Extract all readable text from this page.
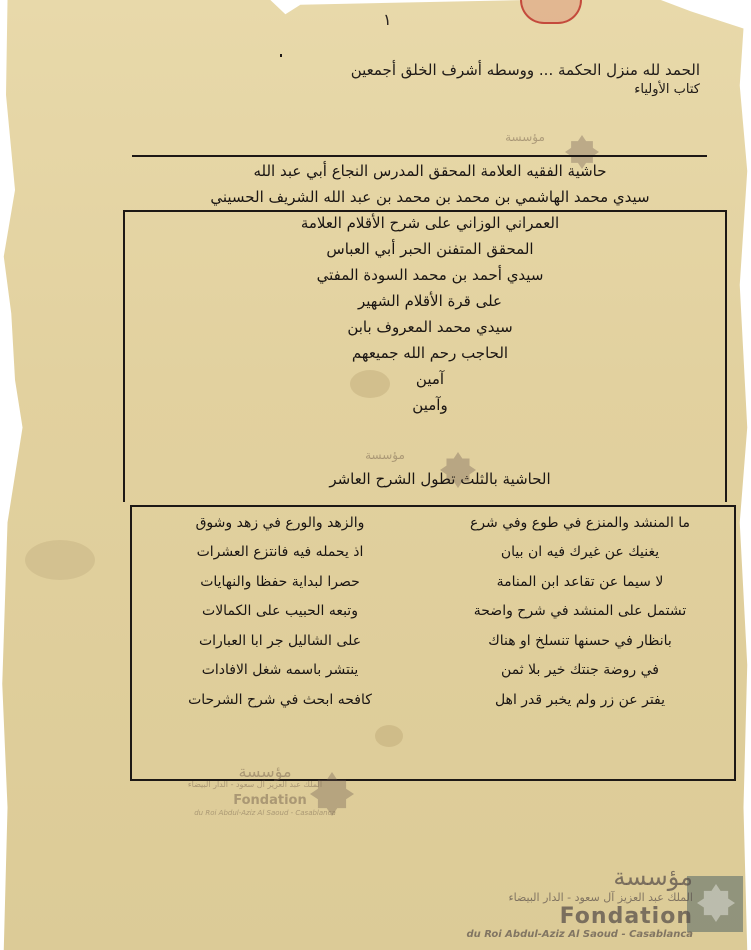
١
الحمد لله منزل الحكمة ... ووسطه أشرف الخلق أجمعين
كتاب الأولياء
مؤسسة
حاشية الفقيه العلامة المحقق المدرس النجاع أبي عبد الله
سيدي محمد الهاشمي بن محمد بن محمد بن عبد الله الشريف الحسيني
العمراني الوزاني على شرح الأقلام العلامة
المحقق المتفنن الحبر أبي العباس
سيدي أحمد بن محمد السودة المفتي
على قرة الأقلام الشهير
سيدي محمد المعروف بابن
الحاجب رحم الله جميعهم
آمين
وآمين
مؤسسة
الحاشية بالثلث تطول الشرح العاشر
ما المنشد والمنزع في طوع وفي شرع
والزهد والورع في زهد وشوق
يغنيك عن غيرك فيه ان بيان
اذ يحمله فيه فانتزع العشرات
لا سيما عن تقاعد ابن المنامة
حصرا لبداية حفظا والنهايات
تشتمل على المنشد في شرح واضحة
وتبعه الحبيب على الكمالات
بانظار في حسنها تنسلخ او هناك
على الشاليل جر ابا العبارات
في روضة جنتك خير بلا ثمن
ينتشر باسمه شغل الافادات
يفتر عن زر ولم يخبر قدر اهل
كافحه ابحث في شرح الشرحات
مؤسسة
الملك عبد العزيز آل سعود - الدار البيضاء
Fondation
du Roi Abdul-Aziz Al Saoud - Casablanca
مؤسسة
الملك عبد العزيز آل سعود - الدار البيضاء
Fondation
du Roi Abdul-Aziz Al Saoud - Casablanca
